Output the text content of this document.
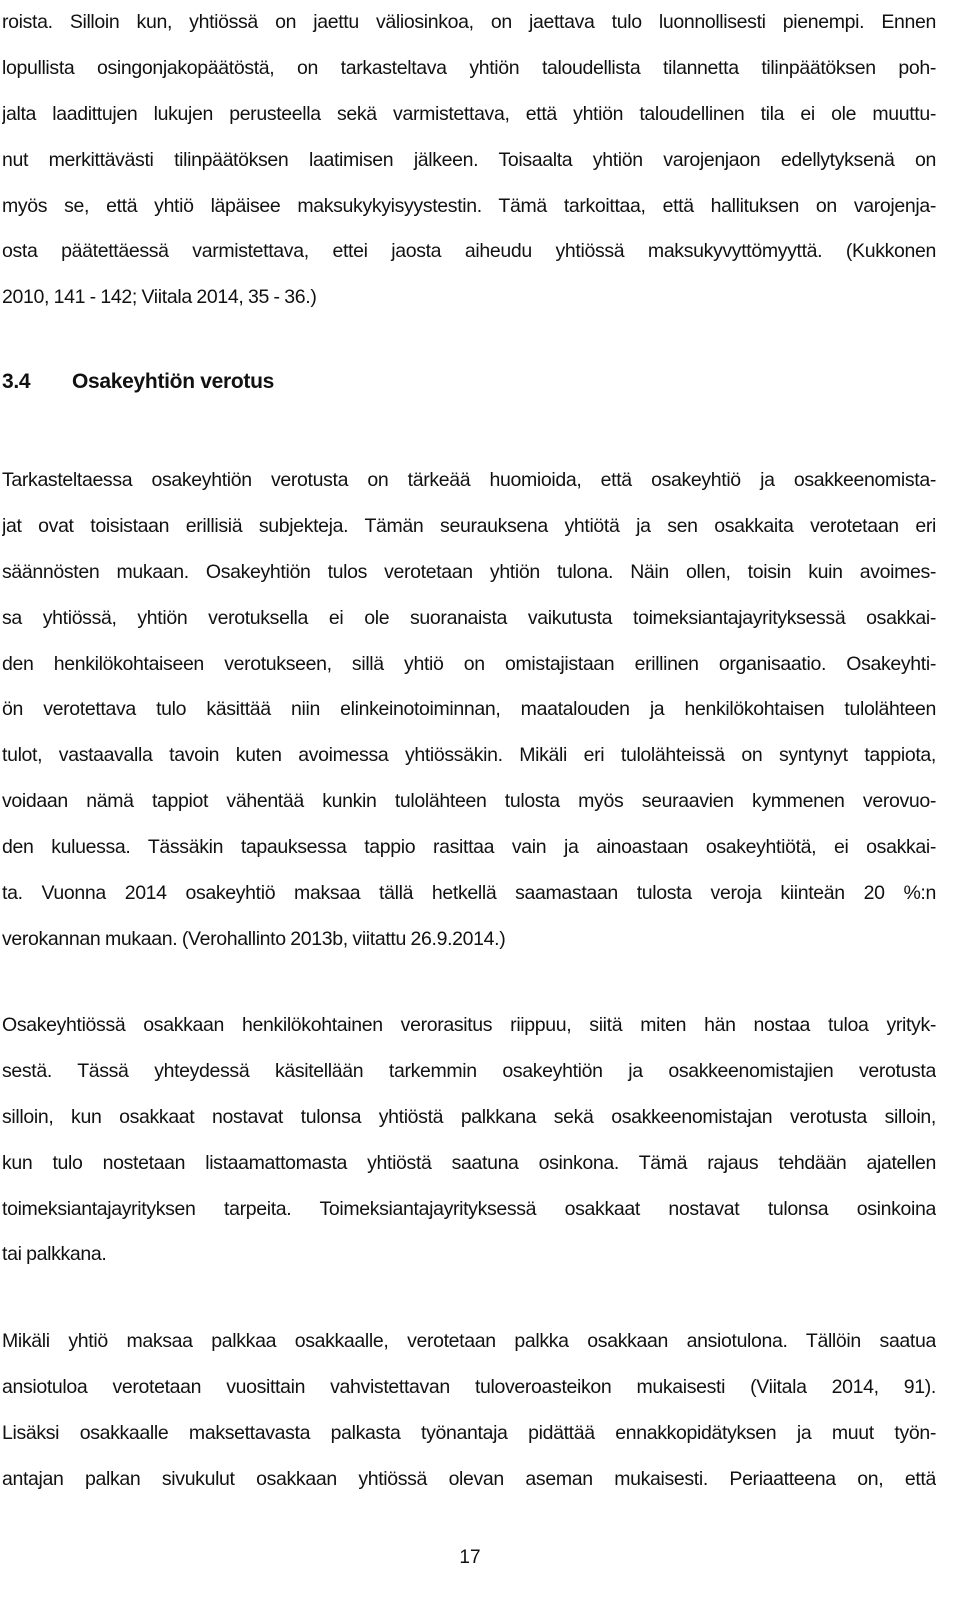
roista. Silloin kun, yhtiössä on jaettu väliosinkoa, on jaettava tulo luonnollisesti pienempi. Ennen
lopullista osingonjakopäätöstä, on tarkasteltava yhtiön taloudellista tilannetta tilinpäätöksen poh-
jalta laadittujen lukujen perusteella sekä varmistettava, että yhtiön taloudellinen tila ei ole muuttu-
nut merkittävästi tilinpäätöksen laatimisen jälkeen. Toisaalta yhtiön varojenjaon edellytyksenä on
myös se, että yhtiö läpäisee maksukykyisyystestin. Tämä tarkoittaa, että hallituksen on varojenja-
osta päätettäessä varmistettava, ettei jaosta aiheudu yhtiössä maksukyvyttömyyttä. (Kukkonen
2010, 141 - 142; Viitala 2014, 35 - 36.)
3.4 Osakeyhtiön verotus
Tarkasteltaessa osakeyhtiön verotusta on tärkeää huomioida, että osakeyhtiö ja osakkeenomista-
jat ovat toisistaan erillisiä subjekteja. Tämän seurauksena yhtiötä ja sen osakkaita verotetaan eri
säännösten mukaan. Osakeyhtiön tulos verotetaan yhtiön tulona. Näin ollen, toisin kuin avoimes-
sa yhtiössä, yhtiön verotuksella ei ole suoranaista vaikutusta toimeksiantajayrityksessä osakkai-
den henkilökohtaiseen verotukseen, sillä yhtiö on omistajistaan erillinen organisaatio. Osakeyhti-
ön verotettava tulo käsittää niin elinkeinotoiminnan, maatalouden ja henkilökohtaisen tulolähteen
tulot, vastaavalla tavoin kuten avoimessa yhtiössäkin. Mikäli eri tulolähteissä on syntynyt tappiota,
voidaan nämä tappiot vähentää kunkin tulolähteen tulosta myös seuraavien kymmenen verovuo-
den kuluessa. Tässäkin tapauksessa tappio rasittaa vain ja ainoastaan osakeyhtiötä, ei osakkai-
ta. Vuonna 2014 osakeyhtiö maksaa tällä hetkellä saamastaan tulosta veroja kiinteän 20 %:n
verokannan mukaan. (Verohallinto 2013b, viitattu 26.9.2014.)
Osakeyhtiössä osakkaan henkilökohtainen verorasitus riippuu, siitä miten hän nostaa tuloa yrityk-
sestä. Tässä yhteydessä käsitellään tarkemmin osakeyhtiön ja osakkeenomistajien verotusta
silloin, kun osakkaat nostavat tulonsa yhtiöstä palkkana sekä osakkeenomistajan verotusta silloin,
kun tulo nostetaan listaamattomasta yhtiöstä saatuna osinkona. Tämä rajaus tehdään ajatellen
toimeksiantajayrityksen tarpeita. Toimeksiantajayrityksessä osakkaat nostavat tulonsa osinkoina
tai palkkana.
Mikäli yhtiö maksaa palkkaa osakkaalle, verotetaan palkka osakkaan ansiotulona. Tällöin saatua
ansiotuloa verotetaan vuosittain vahvistettavan tuloveroasteikon mukaisesti (Viitala 2014, 91).
Lisäksi osakkaalle maksettavasta palkasta työnantaja pidättää ennakkopidätyksen ja muut työn-
antajan palkan sivukulut osakkaan yhtiössä olevan aseman mukaisesti. Periaatteena on, että
17
